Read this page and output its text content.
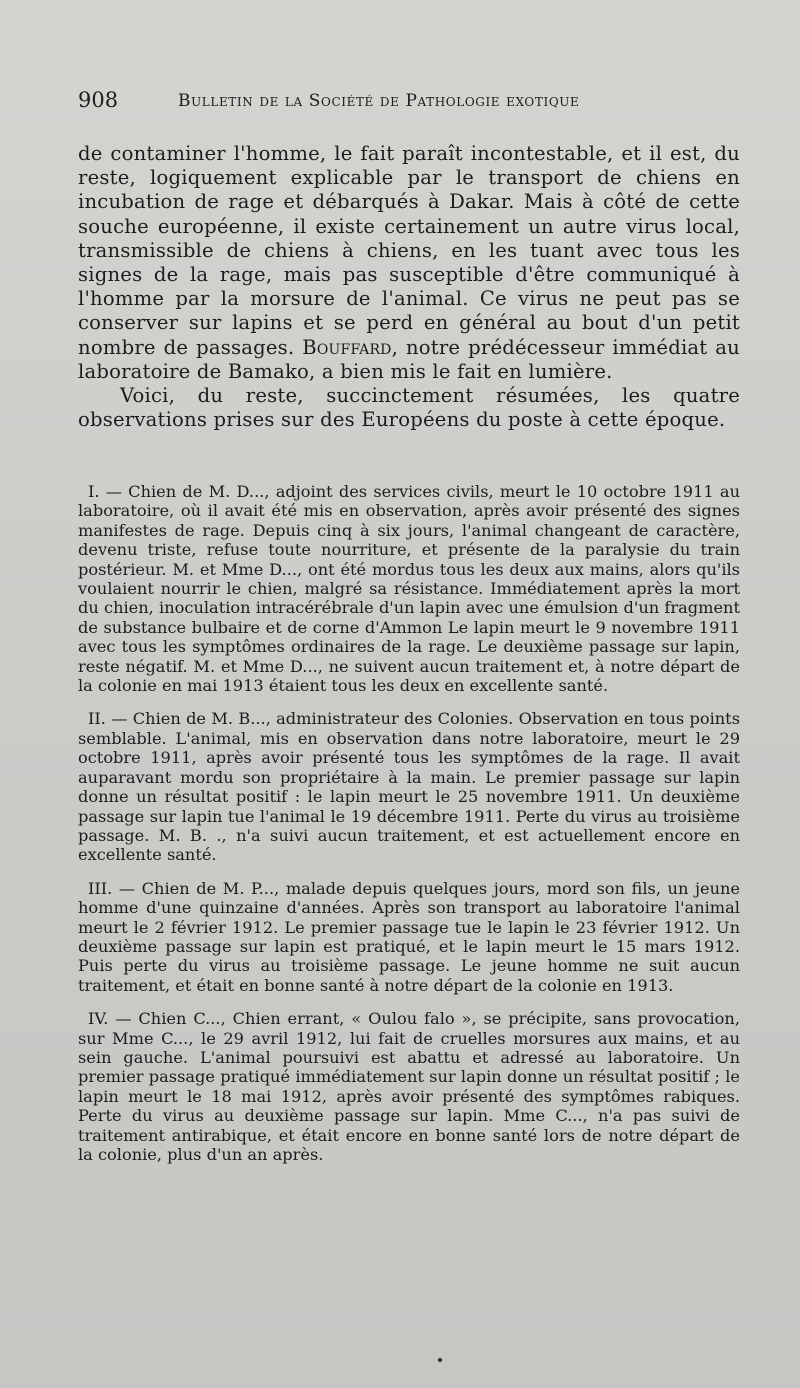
908	Bulletin de la Société de Pathologie exotique

de contaminer l'homme, le fait paraît incontestable, et il est, du reste, logiquement explicable par le transport de chiens en incubation de rage et débarqués à Dakar. Mais à côté de cette souche européenne, il existe certainement un autre virus local, transmissible de chiens à chiens, en les tuant avec tous les signes de la rage, mais pas susceptible d'être communiqué à l'homme par la morsure de l'animal. Ce virus ne peut pas se conserver sur lapins et se perd en général au bout d'un petit nombre de passages. Bouffard, notre prédécesseur immédiat au laboratoire de Bamako, a bien mis le fait en lumière.

Voici, du reste, succinctement résumées, les quatre observations prises sur des Européens du poste à cette époque.

I. — Chien de M. D..., adjoint des services civils, meurt le 10 octobre 1911 au laboratoire, où il avait été mis en observation, après avoir présenté des signes manifestes de rage. Depuis cinq à six jours, l'animal changeant de caractère, devenu triste, refuse toute nourriture, et présente de la paralysie du train postérieur. M. et Mme D..., ont été mordus tous les deux aux mains, alors qu'ils voulaient nourrir le chien, malgré sa résistance. Immédiatement après la mort du chien, inoculation intracérébrale d'un lapin avec une émulsion d'un fragment de substance bulbaire et de corne d'Ammon Le lapin meurt le 9 novembre 1911 avec tous les symptômes ordinaires de la rage. Le deuxième passage sur lapin, reste négatif. M. et Mme D..., ne suivent aucun traitement et, à notre départ de la colonie en mai 1913 étaient tous les deux en excellente santé.

II. — Chien de M. B..., administrateur des Colonies. Observation en tous points semblable. L'animal, mis en observation dans notre laboratoire, meurt le 29 octobre 1911, après avoir présenté tous les symptômes de la rage. Il avait auparavant mordu son propriétaire à la main. Le premier passage sur lapin donne un résultat positif : le lapin meurt le 25 novembre 1911. Un deuxième passage sur lapin tue l'animal le 19 décembre 1911. Perte du virus au troisième passage. M. B. ., n'a suivi aucun traitement, et est actuellement encore en excellente santé.

III. — Chien de M. P..., malade depuis quelques jours, mord son fils, un jeune homme d'une quinzaine d'années. Après son transport au laboratoire l'animal meurt le 2 février 1912. Le premier passage tue le lapin le 23 février 1912. Un deuxième passage sur lapin est pratiqué, et le lapin meurt le 15 mars 1912. Puis perte du virus au troisième passage. Le jeune homme ne suit aucun traitement, et était en bonne santé à notre départ de la colonie en 1913.

IV. — Chien C..., Chien errant, « Oulou falo », se précipite, sans provocation, sur Mme C..., le 29 avril 1912, lui fait de cruelles morsures aux mains, et au sein gauche. L'animal poursuivi est abattu et adressé au laboratoire. Un premier passage pratiqué immédiatement sur lapin donne un résultat positif ; le lapin meurt le 18 mai 1912, après avoir présenté des symptômes rabiques. Perte du virus au deuxième passage sur lapin. Mme C..., n'a pas suivi de traitement antirabique, et était encore en bonne santé lors de notre départ de la colonie, plus d'un an après.
